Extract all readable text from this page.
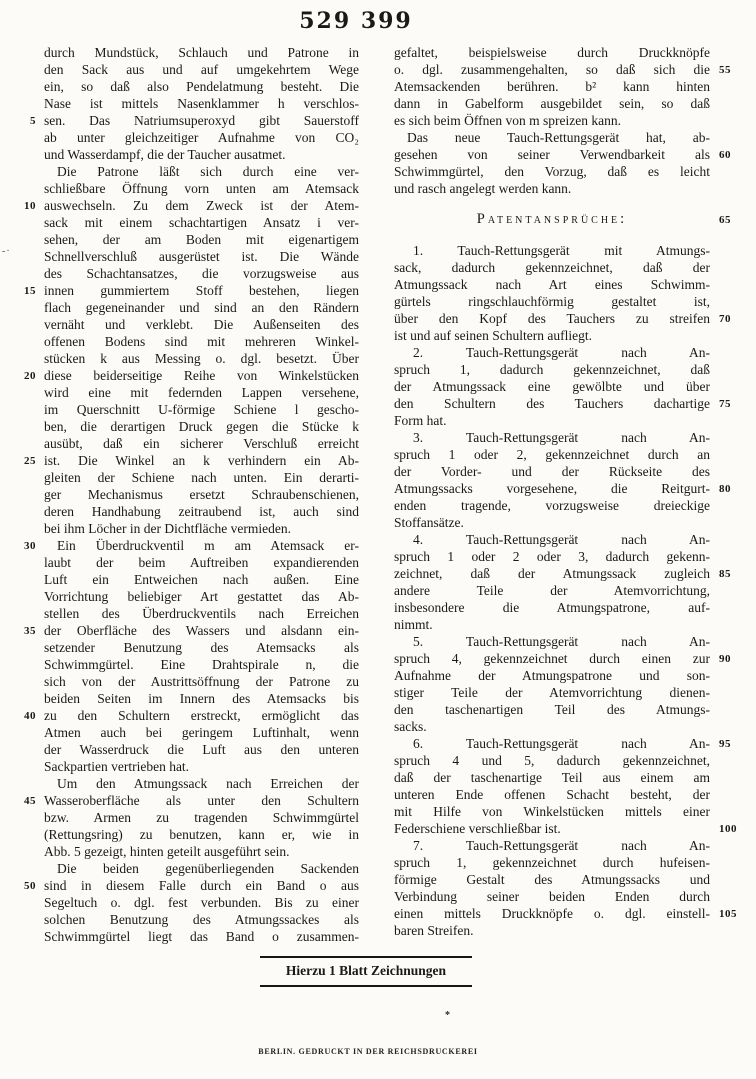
529 399
-·
durch Mundstück, Schlauch und Patrone in
den Sack aus und auf umgekehrtem Wege
ein, so daß also Pendelatmung besteht. Die
Nase ist mittels Nasenklammer h verschlos-
5 sen. Das Natriumsuperoxyd gibt Sauerstoff
ab unter gleichzeitiger Aufnahme von CO₂
und Wasserdampf, die der Taucher ausatmet.
Die Patrone läßt sich durch eine ver-
schließbare Öffnung vorn unten am Atemsack
10 auswechseln. Zu dem Zweck ist der Atem-
sack mit einem schachtartigen Ansatz i ver-
sehen, der am Boden mit eigenartigem
Schnellverschluß ausgerüstet ist. Die Wände
des Schachtansatzes, die vorzugsweise aus
15 innen gummiertem Stoff bestehen, liegen
flach gegeneinander und sind an den Rändern
vernäht und verklebt. Die Außenseiten des
offenen Bodens sind mit mehreren Winkel-
stücken k aus Messing o. dgl. besetzt. Über
20 diese beiderseitige Reihe von Winkelstücken
wird eine mit federnden Lappen versehene,
im Querschnitt U-förmige Schiene l gescho-
ben, die derartigen Druck gegen die Stücke k
ausübt, daß ein sicherer Verschluß erreicht
25 ist. Die Winkel an k verhindern ein Ab-
gleiten der Schiene nach unten. Ein derarti-
ger Mechanismus ersetzt Schraubenschienen,
deren Handhabung zeitraubend ist, auch sind
bei ihm Löcher in der Dichtfläche vermieden.
30 Ein Überdruckventil m am Atemsack er-
laubt der beim Auftreiben expandierenden
Luft ein Entweichen nach außen. Eine
Vorrichtung beliebiger Art gestattet das Ab-
stellen des Überdruckventils nach Erreichen
35 der Oberfläche des Wassers und alsdann ein-
setzender Benutzung des Atemsacks als
Schwimmgürtel. Eine Drahtspirale n, die
sich von der Austrittsöffnung der Patrone zu
beiden Seiten im Innern des Atemsacks bis
40 zu den Schultern erstreckt, ermöglicht das
Atmen auch bei geringem Luftinhalt, wenn
der Wasserdruck die Luft aus den unteren
Sackpartien vertrieben hat.
Um den Atmungssack nach Erreichen der
45 Wasseroberfläche als unter den Schultern
bzw. Armen zu tragenden Schwimmgürtel
(Rettungsring) zu benutzen, kann er, wie in
Abb. 5 gezeigt, hinten geteilt ausgeführt sein.
Die beiden gegenüberliegenden Sackenden
50 sind in diesem Falle durch ein Band o aus
Segeltuch o. dgl. fest verbunden. Bis zu einer
solchen Benutzung des Atmungssackes als
Schwimmgürtel liegt das Band o zusammen-
gefaltet, beispielsweise durch Druckknöpfe
55
o. dgl. zusammengehalten, so daß sich die
Atemsackenden berühren. b² kann hinten
dann in Gabelform ausgebildet sein, so daß
es sich beim Öffnen von m spreizen kann.
Das neue Tauch-Rettungsgerät hat, ab-
60
gesehen von seiner Verwendbarkeit als
Schwimmgürtel, den Vorzug, daß es leicht
und rasch angelegt werden kann.
65
Patentansprüche:
1. Tauch-Rettungsgerät mit Atmungs-
sack, dadurch gekennzeichnet, daß der
Atmungssack nach Art eines Schwimm-
gürtels ringschlauchförmig gestaltet ist,
70
über den Kopf des Tauchers zu streifen
ist und auf seinen Schultern aufliegt.
2. Tauch-Rettungsgerät nach An-
spruch 1, dadurch gekennzeichnet, daß
der Atmungssack eine gewölbte und über
75
den Schultern des Tauchers dachartige
Form hat.
3. Tauch-Rettungsgerät nach An-
spruch 1 oder 2, gekennzeichnet durch an
der Vorder- und der Rückseite des
80
Atmungssacks vorgesehene, die Reitgurt-
enden tragende, vorzugsweise dreieckige
Stoffansätze.
4. Tauch-Rettungsgerät nach An-
spruch 1 oder 2 oder 3, dadurch gekenn-
85
zeichnet, daß der Atmungssack zugleich
andere Teile der Atemvorrichtung,
insbesondere die Atmungspatrone, auf-
nimmt.
5. Tauch-Rettungsgerät nach An-
90
spruch 4, gekennzeichnet durch einen zur
Aufnahme der Atmungspatrone und son-
stiger Teile der Atemvorrichtung dienen-
den taschenartigen Teil des Atmungs-
sacks.
95
6. Tauch-Rettungsgerät nach An-
spruch 4 und 5, dadurch gekennzeichnet,
daß der taschenartige Teil aus einem am
unteren Ende offenen Schacht besteht, der
mit Hilfe von Winkelstücken mittels einer
100
Federschiene verschließbar ist.
7. Tauch-Rettungsgerät nach An-
spruch 1, gekennzeichnet durch hufeisen-
förmige Gestalt des Atmungssacks und
Verbindung seiner beiden Enden durch
105
einen mittels Druckknöpfe o. dgl. einstell-
baren Streifen.
Hierzu 1 Blatt Zeichnungen
*
BERLIN. GEDRUCKT IN DER REICHSDRUCKEREI
